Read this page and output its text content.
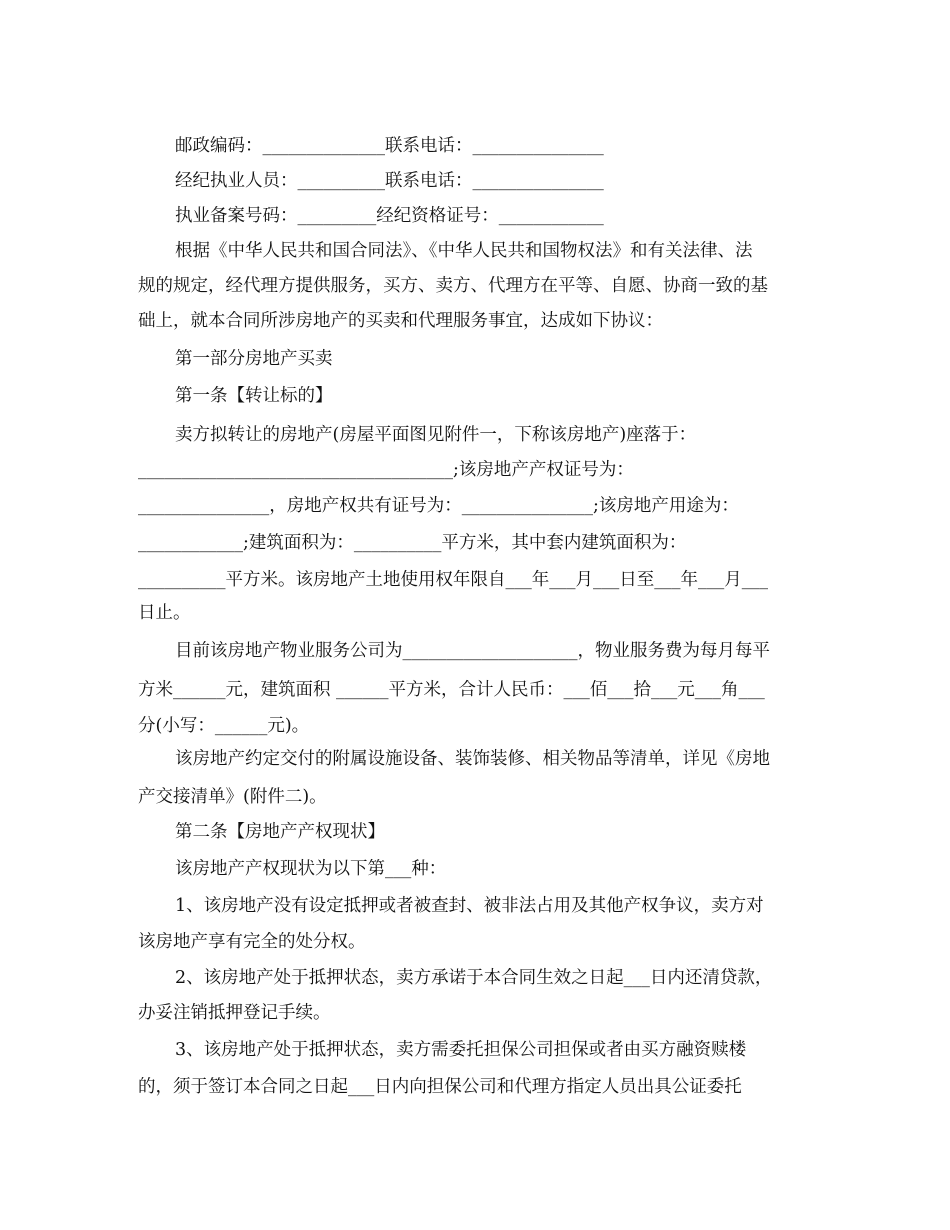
邮政编码：______________联系电话：_______________
经纪执业人员：__________联系电话：_______________
执业备案号码：_________经纪资格证号：____________
根据《中华人民共和国合同法》、《中华人民共和国物权法》和有关法律、法
规的规定，经代理方提供服务，买方、卖方、代理方在平等、自愿、协商一致的基
础上，就本合同所涉房地产的买卖和代理服务事宜，达成如下协议：
第一部分房地产买卖
第一条【转让标的】
卖方拟转让的房地产(房屋平面图见附件一，下称该房地产)座落于：
____________________________________;该房地产产权证号为：
_______________，房地产权共有证号为：_______________;该房地产用途为：
____________;建筑面积为：__________平方米，其中套内建筑面积为：
__________平方米。该房地产土地使用权年限自___年___月___日至___年___月___
日止。
目前该房地产物业服务公司为____________________，物业服务费为每月每平
方米______元，建筑面积 ______平方米，合计人民币：___佰___拾___元___角___
分(小写：______元)。
该房地产约定交付的附属设施设备、装饰装修、相关物品等清单，详见《房地
产交接清单》(附件二)。
第二条【房地产产权现状】
该房地产产权现状为以下第___种：
1、该房地产没有设定抵押或者被查封、被非法占用及其他产权争议，卖方对
该房地产享有完全的处分权。
2、该房地产处于抵押状态，卖方承诺于本合同生效之日起___日内还清贷款，
办妥注销抵押登记手续。
3、该房地产处于抵押状态，卖方需委托担保公司担保或者由买方融资赎楼
的，须于签订本合同之日起___日内向担保公司和代理方指定人员出具公证委托
